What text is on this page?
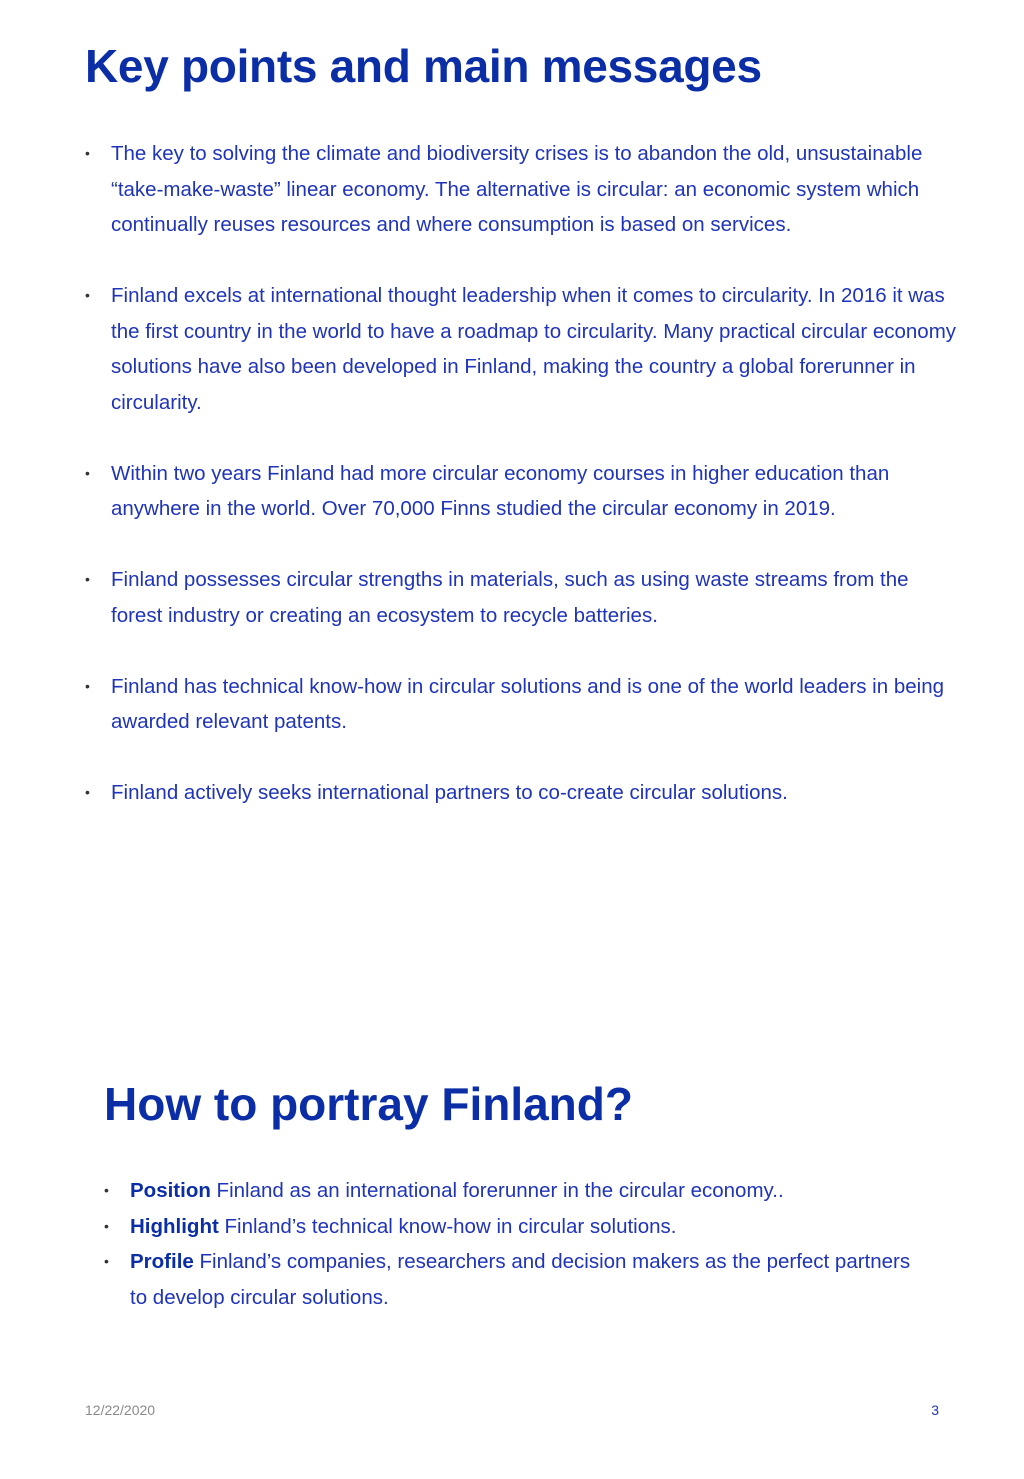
Key points and main messages
•	The key to solving the climate and biodiversity crises is to abandon the old, unsustainable “take-make-waste” linear economy. The alternative is circular: an economic system which continually reuses resources and where consumption is based on services.
•	Finland excels at international thought leadership when it comes to circularity. In 2016 it was the first country in the world to have a roadmap to circularity. Many practical circular economy solutions have also been developed in Finland, making the country a global forerunner in circularity.
•	Within two years Finland had more circular economy courses in higher education than anywhere in the world. Over 70,000 Finns studied the circular economy in 2019.
•	Finland possesses circular strengths in materials, such as using waste streams from the forest industry or creating an ecosystem to recycle batteries.
•	Finland has technical know-how in circular solutions and is one of the world leaders in being awarded relevant patents.
•	Finland actively seeks international partners to co-create circular solutions.
How to portray Finland?
•	Position Finland as an international forerunner in the circular economy..
•	Highlight Finland’s technical know-how in circular solutions.
•	Profile Finland’s companies, researchers and decision makers as the perfect partners to develop circular solutions.
12/22/2020	3
